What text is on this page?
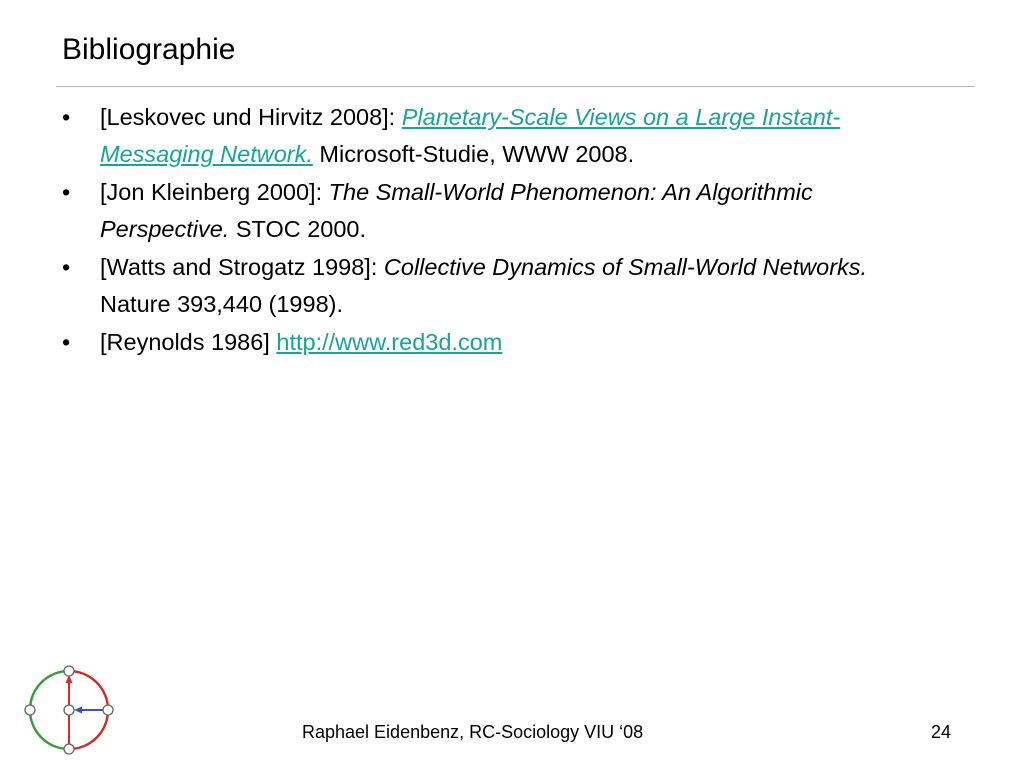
Bibliographie
• [Leskovec und Hirvitz 2008]: Planetary-Scale Views on a Large Instant-Messaging Network. Microsoft-Studie, WWW 2008.
• [Jon Kleinberg 2000]: The Small-World Phenomenon: An Algorithmic Perspective. STOC 2000.
• [Watts and Strogatz 1998]: Collective Dynamics of Small-World Networks. Nature 393,440 (1998).
• [Reynolds 1986] http://www.red3d.com
Raphael Eidenbenz, RC-Sociology VIU ‘08	24
